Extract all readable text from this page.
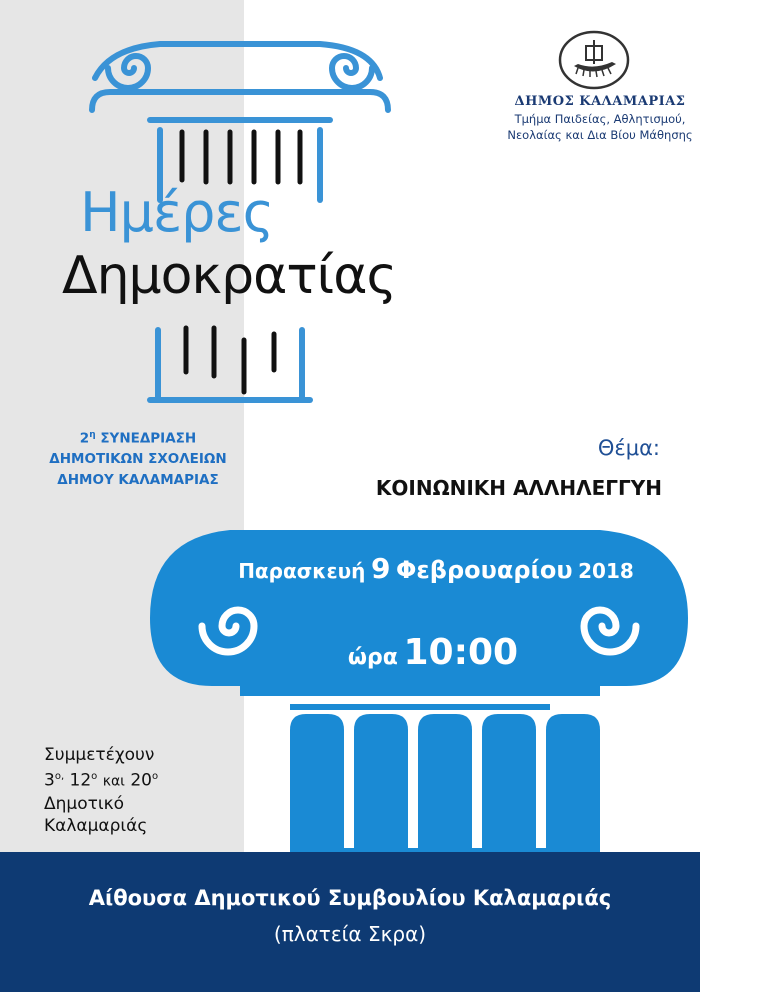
ΔΗΜΟΣ ΚΑΛΑΜΑΡΙΑΣ
Τμήμα Παιδείας, Αθλητισμού,
Νεολαίας και Δια Βίου Μάθησης
Ημέρες
Δημοκρατίας
$2^\eta$ ΣΥΝΕΔΡΙΑΣΗ
ΔΗΜΟΤΙΚΩΝ ΣΧΟΛΕΙΩΝ
ΔΗΜΟΥ ΚΑΛΑΜΑΡΙΑΣ
Θέμα:
ΚΟΙΝΩΝΙΚΗ ΑΛΛΗΛΕΓΓΥΗ
Παρασκευή 9 Φεβρουαρίου 2018
ώρα 10:00
Συμμετέχουν
$3^{o,}$ $12^o$ και $20^o$
Δημοτικό
Καλαμαριάς
Αίθουσα Δημοτικού Συμβουλίου Καλαμαριάς
(πλατεία Σκρα)
